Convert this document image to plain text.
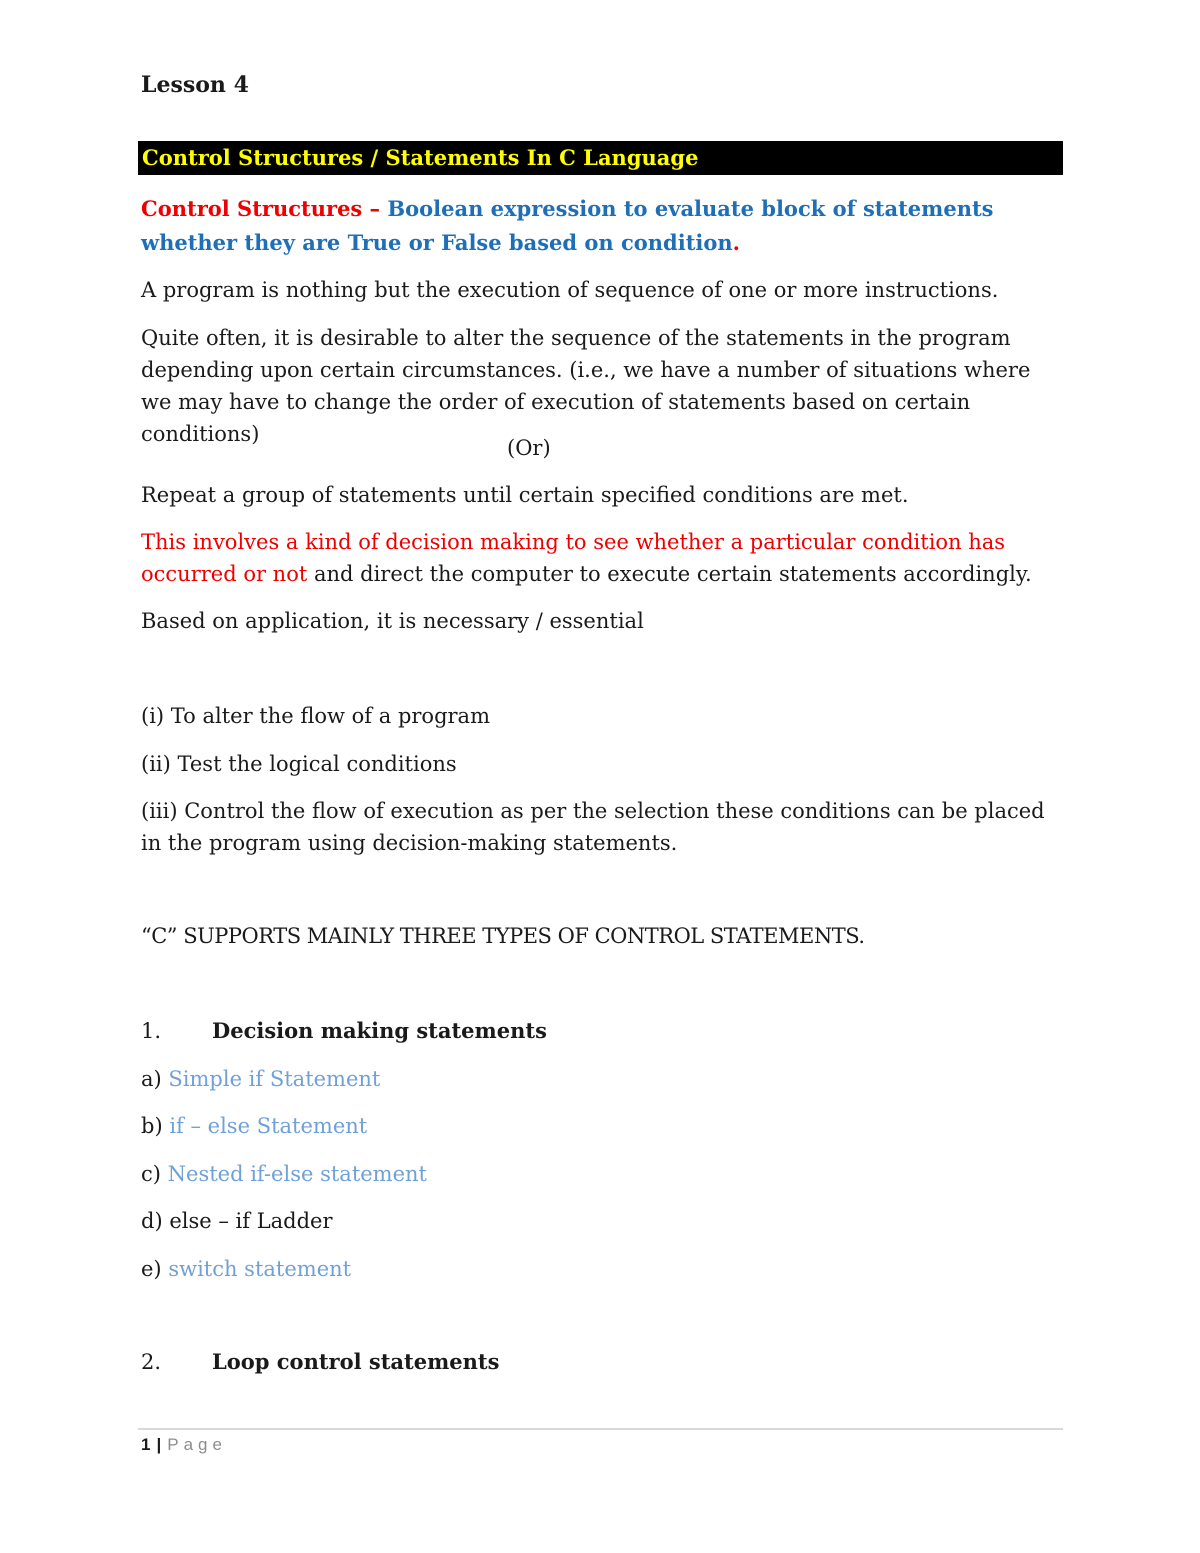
Lesson 4

Control Structures / Statements In C Language

Control Structures – Boolean expression to evaluate block of statements whether they are True or False based on condition.

A program is nothing but the execution of sequence of one or more instructions.

Quite often, it is desirable to alter the sequence of the statements in the program depending upon certain circumstances. (i.e., we have a number of situations where we may have to change the order of execution of statements based on certain conditions)

(Or)

Repeat a group of statements until certain specified conditions are met.

This involves a kind of decision making to see whether a particular condition has occurred or not and direct the computer to execute certain statements accordingly.

Based on application, it is necessary / essential

(i) To alter the flow of a program

(ii) Test the logical conditions

(iii) Control the flow of execution as per the selection these conditions can be placed in the program using decision-making statements.

“C” SUPPORTS MAINLY THREE TYPES OF CONTROL STATEMENTS.

1. Decision making statements

a) Simple if Statement

b) if – else Statement

c) Nested if-else statement

d) else – if Ladder

e) switch statement

2. Loop control statements

1 | Page
